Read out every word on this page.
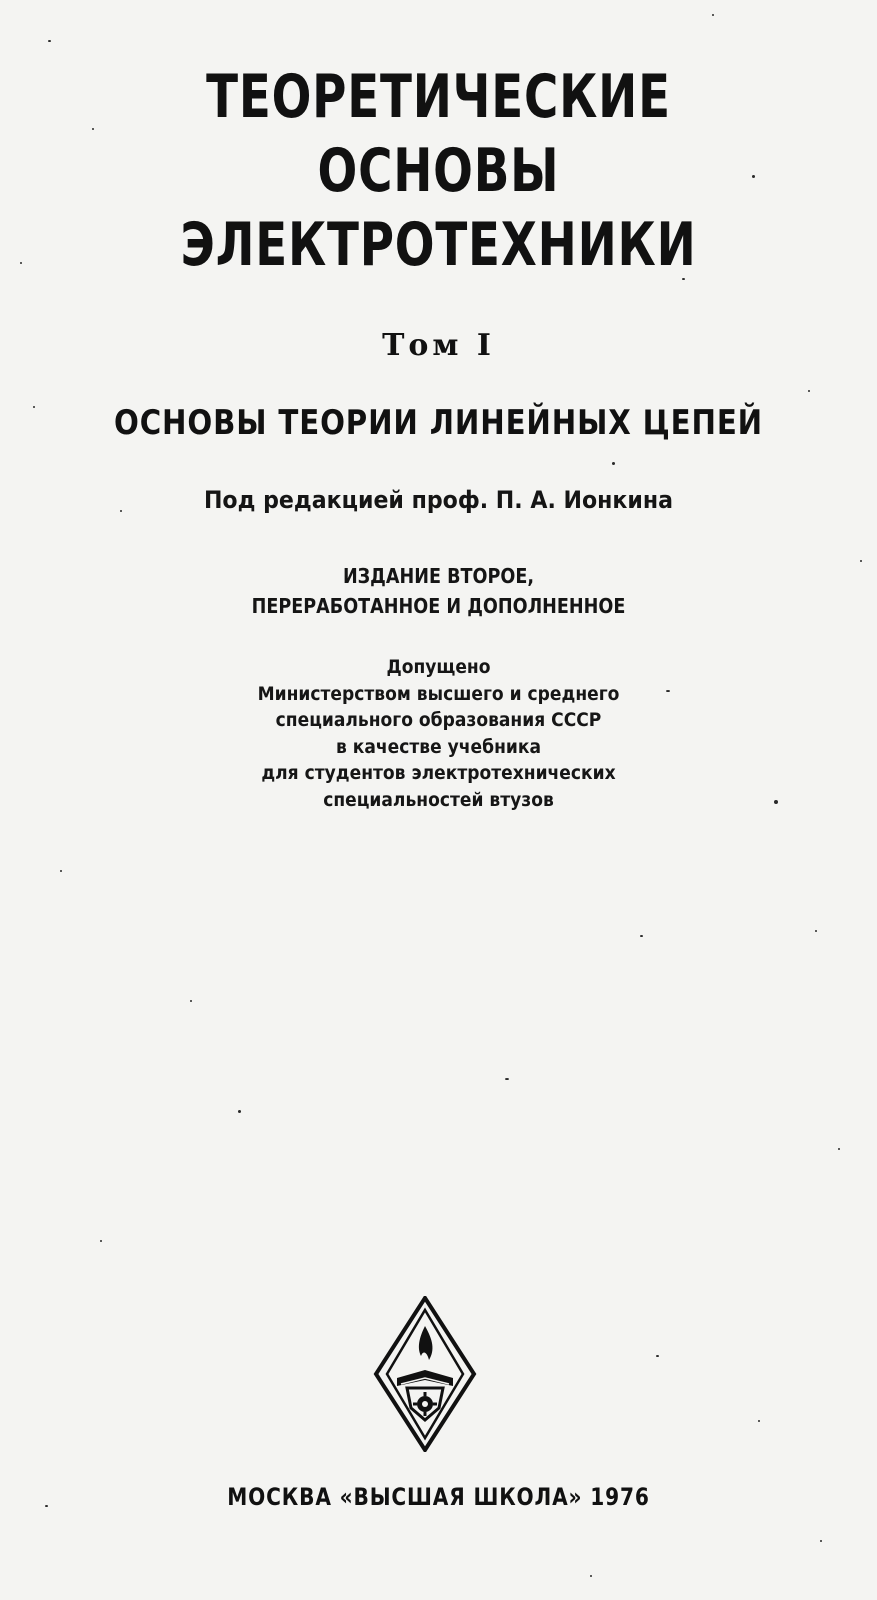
ТЕОРЕТИЧЕСКИЕ
ОСНОВЫ
ЭЛЕКТРОТЕХНИКИ
Том I
ОСНОВЫ ТЕОРИИ ЛИНЕЙНЫХ ЦЕПЕЙ
Под редакцией проф. П. А. Ионкина
ИЗДАНИЕ ВТОРОЕ,
ПЕРЕРАБОТАННОЕ И ДОПОЛНЕННОЕ
Допущено
Министерством высшего и среднего
специального образования СССР
в качестве учебника
для студентов электротехнических
специальностей втузов
МОСКВА «ВЫСШАЯ ШКОЛА» 1976
